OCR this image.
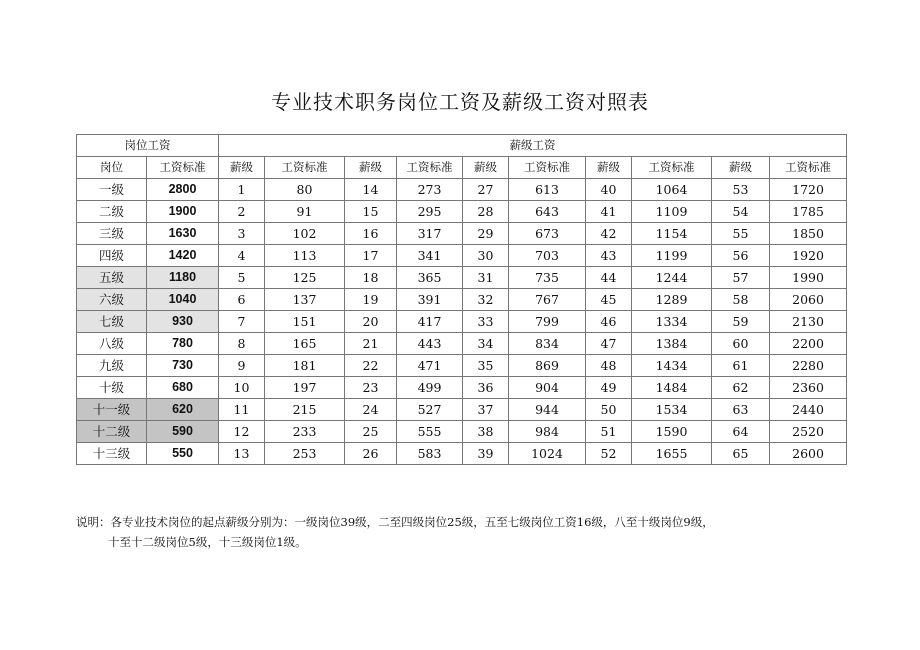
专业技术职务岗位工资及薪级工资对照表
岗位工资		薪级工资									
岗位	工资标准	薪级	工资标准	薪级	工资标准	薪级	工资标准	薪级	工资标准	薪级	工资标准
一级	2800	1	80	14	273	27	613	40	1064	53	1720
二级	1900	2	91	15	295	28	643	41	1109	54	1785
三级	1630	3	102	16	317	29	673	42	1154	55	1850
四级	1420	4	113	17	341	30	703	43	1199	56	1920
五级	1180	5	125	18	365	31	735	44	1244	57	1990
六级	1040	6	137	19	391	32	767	45	1289	58	2060
七级	930	7	151	20	417	33	799	46	1334	59	2130
八级	780	8	165	21	443	34	834	47	1384	60	2200
九级	730	9	181	22	471	35	869	48	1434	61	2280
十级	680	10	197	23	499	36	904	49	1484	62	2360
十一级	620	11	215	24	527	37	944	50	1534	63	2440
十二级	590	12	233	25	555	38	984	51	1590	64	2520
十三级	550	13	253	26	583	39	1024	52	1655	65	2600
说明：各专业技术岗位的起点薪级分别为：一级岗位39级，二至四级岗位25级，五至七级岗位工资16级，八至十级岗位9级，
十至十二级岗位5级，十三级岗位1级。
